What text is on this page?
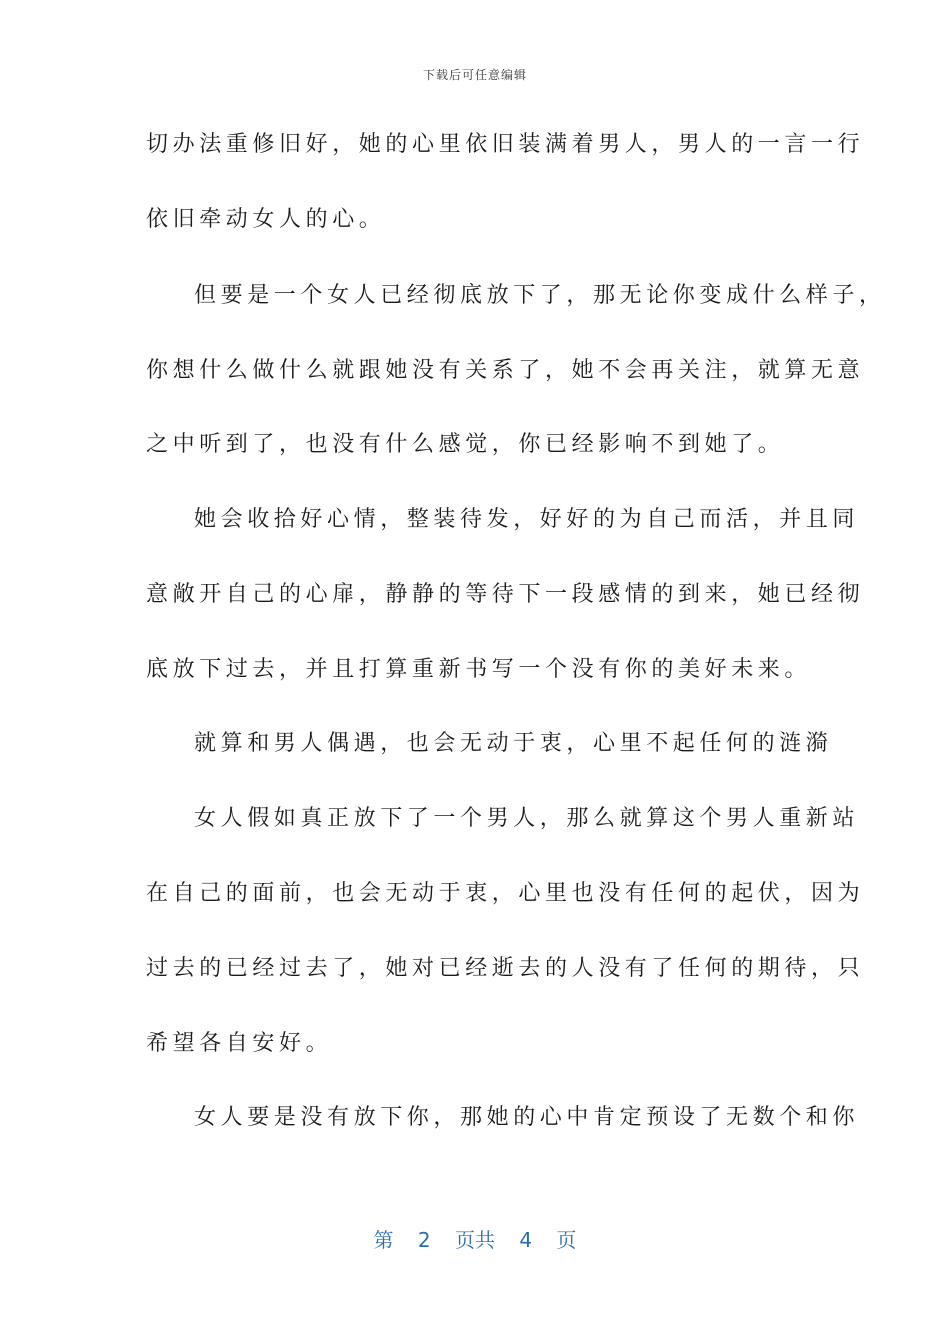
下载后可任意编辑
切办法重修旧好，她的心里依旧装满着男人，男人的一言一行
依旧牵动女人的心。
但要是一个女人已经彻底放下了，那无论你变成什么样子，
你想什么做什么就跟她没有关系了，她不会再关注，就算无意
之中听到了，也没有什么感觉，你已经影响不到她了。
她会收拾好心情，整装待发，好好的为自己而活，并且同
意敞开自己的心扉，静静的等待下一段感情的到来，她已经彻
底放下过去，并且打算重新书写一个没有你的美好未来。
就算和男人偶遇，也会无动于衷，心里不起任何的涟漪
女人假如真正放下了一个男人，那么就算这个男人重新站
在自己的面前，也会无动于衷，心里也没有任何的起伏，因为
过去的已经过去了，她对已经逝去的人没有了任何的期待，只
希望各自安好。
女人要是没有放下你，那她的心中肯定预设了无数个和你
第 2 页共 4 页
